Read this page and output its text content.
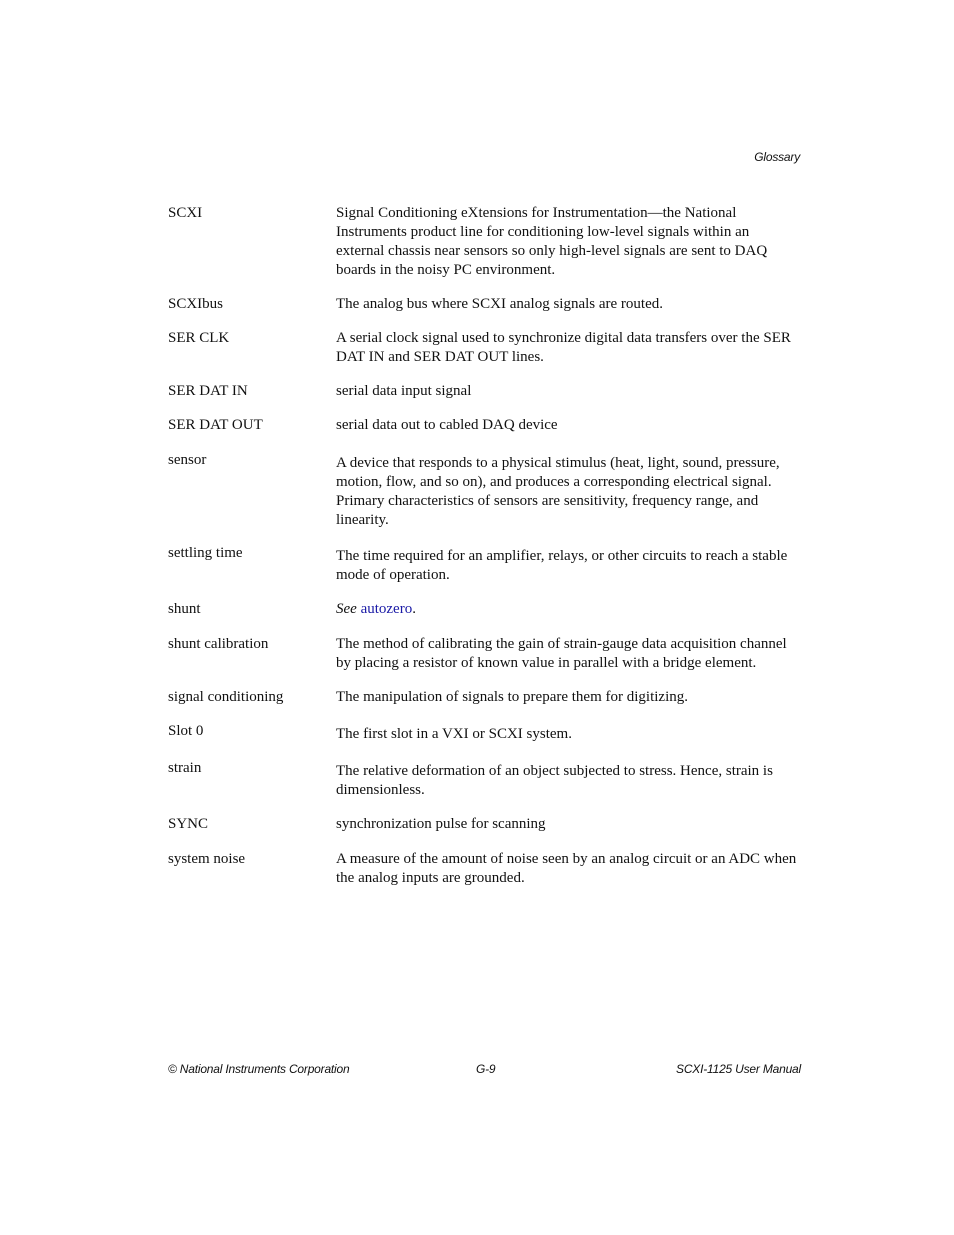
Glossary
SCXI	Signal Conditioning eXtensions for Instrumentation—the National Instruments product line for conditioning low-level signals within an external chassis near sensors so only high-level signals are sent to DAQ boards in the noisy PC environment.
SCXIbus	The analog bus where SCXI analog signals are routed.
SER CLK	A serial clock signal used to synchronize digital data transfers over the SER DAT IN and SER DAT OUT lines.
SER DAT IN	serial data input signal
SER DAT OUT	serial data out to cabled DAQ device
sensor	A device that responds to a physical stimulus (heat, light, sound, pressure, motion, flow, and so on), and produces a corresponding electrical signal. Primary characteristics of sensors are sensitivity, frequency range, and linearity.
settling time	The time required for an amplifier, relays, or other circuits to reach a stable mode of operation.
shunt	See autozero.
shunt calibration	The method of calibrating the gain of strain-gauge data acquisition channel by placing a resistor of known value in parallel with a bridge element.
signal conditioning	The manipulation of signals to prepare them for digitizing.
Slot 0	The first slot in a VXI or SCXI system.
strain	The relative deformation of an object subjected to stress. Hence, strain is dimensionless.
SYNC	synchronization pulse for scanning
system noise	A measure of the amount of noise seen by an analog circuit or an ADC when the analog inputs are grounded.
© National Instruments Corporation	G-9	SCXI-1125 User Manual
